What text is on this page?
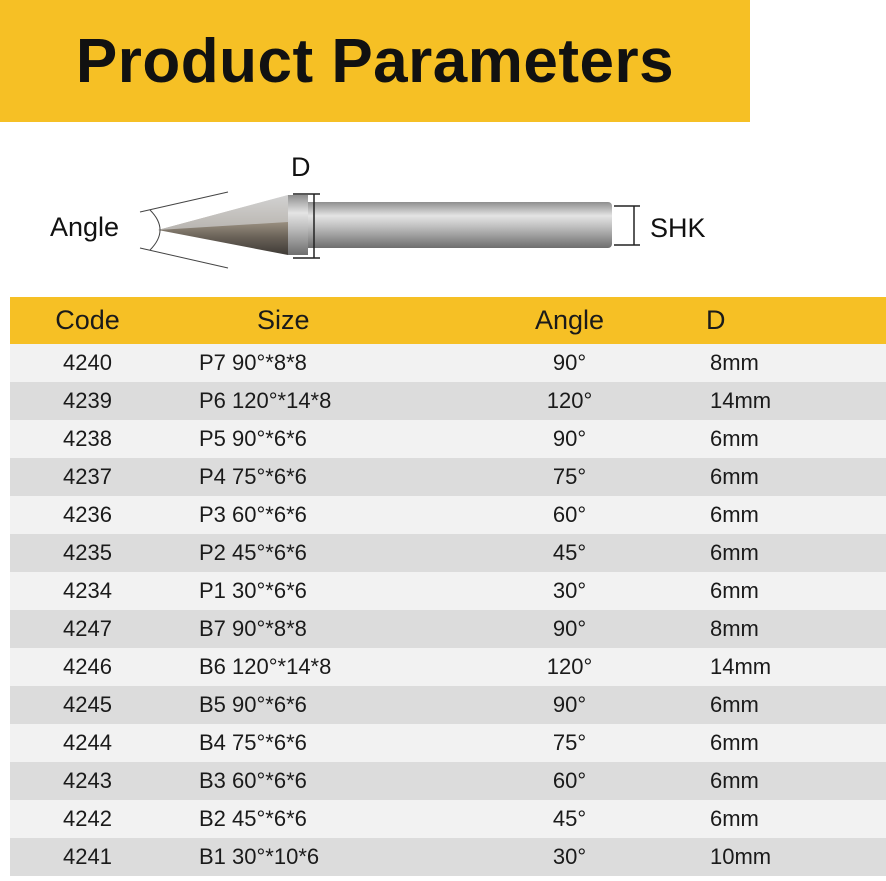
Product Parameters
Angle
D
SHK
Code	Size	Angle	D
4240	P7 90°*8*8	90°	8mm
4239	P6 120°*14*8	120°	14mm
4238	P5 90°*6*6	90°	6mm
4237	P4 75°*6*6	75°	6mm
4236	P3 60°*6*6	60°	6mm
4235	P2 45°*6*6	45°	6mm
4234	P1 30°*6*6	30°	6mm
4247	B7 90°*8*8	90°	8mm
4246	B6 120°*14*8	120°	14mm
4245	B5 90°*6*6	90°	6mm
4244	B4 75°*6*6	75°	6mm
4243	B3 60°*6*6	60°	6mm
4242	B2 45°*6*6	45°	6mm
4241	B1 30°*10*6	30°	10mm
